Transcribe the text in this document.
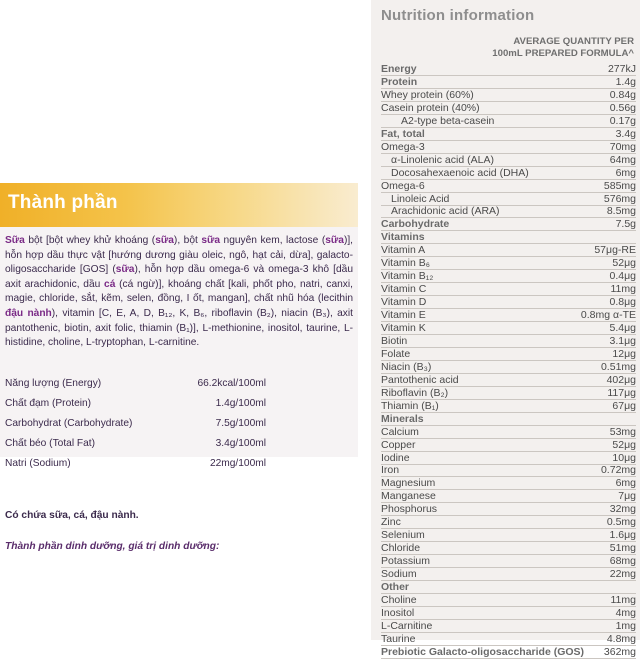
Thành phần
Sữa bột [bột whey khử khoáng (sữa), bột sữa nguyên kem, lactose (sữa)], hỗn hợp dầu thực vật [hướng dương giàu oleic, ngô, hạt cải, dừa], galacto-oligosaccharide [GOS] (sữa), hỗn hợp dầu omega-6 và omega-3 khô [dầu axit arachidonic, dầu cá (cá ngừ)], khoáng chất [kali, phốt pho, natri, canxi, magie, chloride, sắt, kẽm, selen, đồng, I ốt, mangan], chất nhũ hóa (lecithin đậu nành), vitamin [C, E, A, D, B₁₂, K, B₆, riboflavin (B₂), niacin (B₃), axit pantothenic, biotin, axit folic, thiamin (B₁)], L-methionine, inositol, taurine, L-histidine, choline, L-tryptophan, L-carnitine.
Có chứa sữa, cá, đậu nành.
Thành phần dinh dưỡng, giá trị dinh dưỡng:
Năng lượng (Energy)	66.2kcal/100ml
Chất đạm (Protein)	1.4g/100ml
Carbohydrat (Carbohydrate)	7.5g/100ml
Chất béo (Total Fat)	3.4g/100ml
Natri (Sodium)	22mg/100ml
Nutrition information
AVERAGE QUANTITY PER
100mL PREPARED FORMULA^
Energy	277kJ
Protein	1.4g
Whey protein (60%)	0.84g
Casein protein (40%)	0.56g
A2-type beta-casein	0.17g
Fat, total	3.4g
Omega-3	70mg
α-Linolenic acid (ALA)	64mg
Docosahexaenoic acid (DHA)	6mg
Omega-6	585mg
Linoleic Acid	576mg
Arachidonic acid (ARA)	8.5mg
Carbohydrate	7.5g
Vitamins
Vitamin A	57μg-RE
Vitamin B₆	52μg
Vitamin B₁₂	0.4μg
Vitamin C	11mg
Vitamin D	0.8μg
Vitamin E	0.8mg α-TE
Vitamin K	5.4μg
Biotin	3.1μg
Folate	12μg
Niacin (B₃)	0.51mg
Pantothenic acid	402μg
Riboflavin (B₂)	117μg
Thiamin (B₁)	67μg
Minerals
Calcium	53mg
Copper	52μg
Iodine	10μg
Iron	0.72mg
Magnesium	6mg
Manganese	7μg
Phosphorus	32mg
Zinc	0.5mg
Selenium	1.6μg
Chloride	51mg
Potassium	68mg
Sodium	22mg
Other
Choline	11mg
Inositol	4mg
L-Carnitine	1mg
Taurine	4.8mg
Prebiotic Galacto-oligosaccharide (GOS) 362mg
